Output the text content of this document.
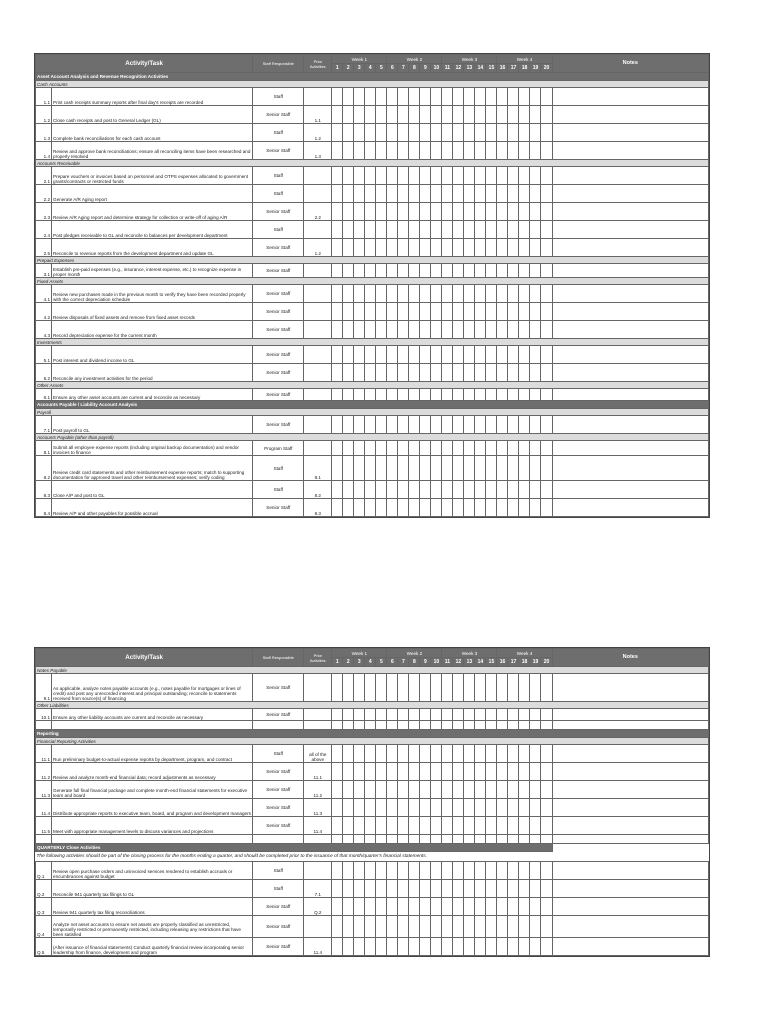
Activity/Task		Staff Responsible	Prior Activities	Week 1					Week 2					Week 3					Week 4					Notes
				1	2	3	4	5	6	7	8	9	10	11	12	13	14	15	16	17	18	19	20	
Asset Account Analysis and Revenue Recognition Activities																								
Cash Accounts																								
1.1	Print cash receipts summary reports after final day's receipts are recorded	Staff																						
1.2	Close cash receipts and post to General Ledger (GL)	Senior Staff	1.1																					
1.3	Complete bank reconciliations for each cash account	Staff	1.2																					
1.4	Review and approve bank reconciliations; ensure all reconciling items have been researched and properly resolved	Senior Staff	1.3																					
Accounts Receivable																								
2.1	Prepare vouchers or invoices based on personnel and OTPS expenses allocated to government grants/contracts or restricted funds	Staff																						
2.2	Generate A/R Aging report	Staff																						
2.3	Review A/R Aging report and determine strategy for collection or write-off of aging A/R	Senior Staff	2.2																					
2.4	Post pledges receivable to GL and reconcile to balances per development department	Staff																						
2.5	Reconcile to revenue reports from the development department and update GL	Senior Staff	1.2																					
Prepaid Expenses																								
3.1	Establish pre-paid expenses (e.g., insurance, interest expense, etc.) to recognize expense in proper month	Senior Staff																						
Fixed Assets																								
4.1	Review new purchases made in the previous month to verify they have been recorded properly with the correct depreciation schedule	Senior Staff																						
4.2	Review disposals of fixed assets and remove from fixed asset records	Senior Staff																						
4.3	Record depreciation expense for the current month	Senior Staff																						
Investments																								
5.1	Post interest and dividend income to GL	Senior Staff																						
5.2	Reconcile any investment activities for the period	Senior Staff																						
Other Assets																								
6.1	Ensure any other asset accounts are current and reconcile as necessary	Senior Staff																						
Accounts Payable / Liability Account Analysis																								
Payroll																								
7.1	Post payroll to GL	Senior Staff																						
Accounts Payable (other than payroll)																								
8.1	Submit all employee expense reports (including original backup documentation) and vendor invoices to finance	Program Staff																						
8.2	Review credit card statements and other reimbursement expense reports; match to supporting documentation for approved travel and other reimbursement expenses; verify coding	Staff	8.1																					
8.3	Close A/P and post to GL	Staff	8.2																					
8.4	Review A/P and other payables for possible accrual	Senior Staff	8.3																					
Activity/Task		Staff Responsible	Prior Activities	Week 1					Week 2					Week 3					Week 4					Notes
				1	2	3	4	5	6	7	8	9	10	11	12	13	14	15	16	17	18	19	20	
Notes Payable																								
9.1	As applicable, analyze notes payable accounts (e.g., notes payable for mortgages or lines of credit) and post any unrecorded interest and principal outstanding; reconcile to statements received from source(s) of financing	Senior Staff																						
Other Liabilities																								
10.1	Ensure any other liability accounts are current and reconcile as necessary	Senior Staff																						

Reporting																								
Financial Reporting Activities																								
11.1	Run preliminary budget-to-actual expense reports by department, program, and contract	Staff	all of the above																					
11.2	Review and analyze month-end financial data; record adjustments as necessary	Senior Staff	11.1																					
11.3	Generate full final financial package and complete month-end financial statements for executive team and board	Senior Staff	11.2																					
11.4	Distribute appropriate reports to executive team, board, and program and development managers	Senior Staff	11.3																					
11.5	Meet with appropriate management levels to discuss variances and projections	Senior Staff	11.4																					

QUARTERLY Close Activities																								
The following activities should be part of the closing process for the months ending a quarter, and should be completed prior to the issuance of that month/quarter's financial statements.																								
Q.1	Review open purchase orders and uninvoiced services rendered to establish accruals or encumbrances against budget	Staff																						
Q.2	Reconcile 941 quarterly tax filings to GL	Staff	7.1																					
Q.3	Review 941 quarterly tax filing reconciliations	Senior Staff	Q.2																					
Q.4	Analyze net asset accounts to ensure net assets are properly classified as unrestricted, temporarily restricted or permanently restricted, including releasing any restrictions that have been satisfied	Senior Staff																						
Q.5	(After issuance of financial statements) Conduct quarterly financial review incorporating senior leadership from finance, development and program	Senior Staff	11.4																					
